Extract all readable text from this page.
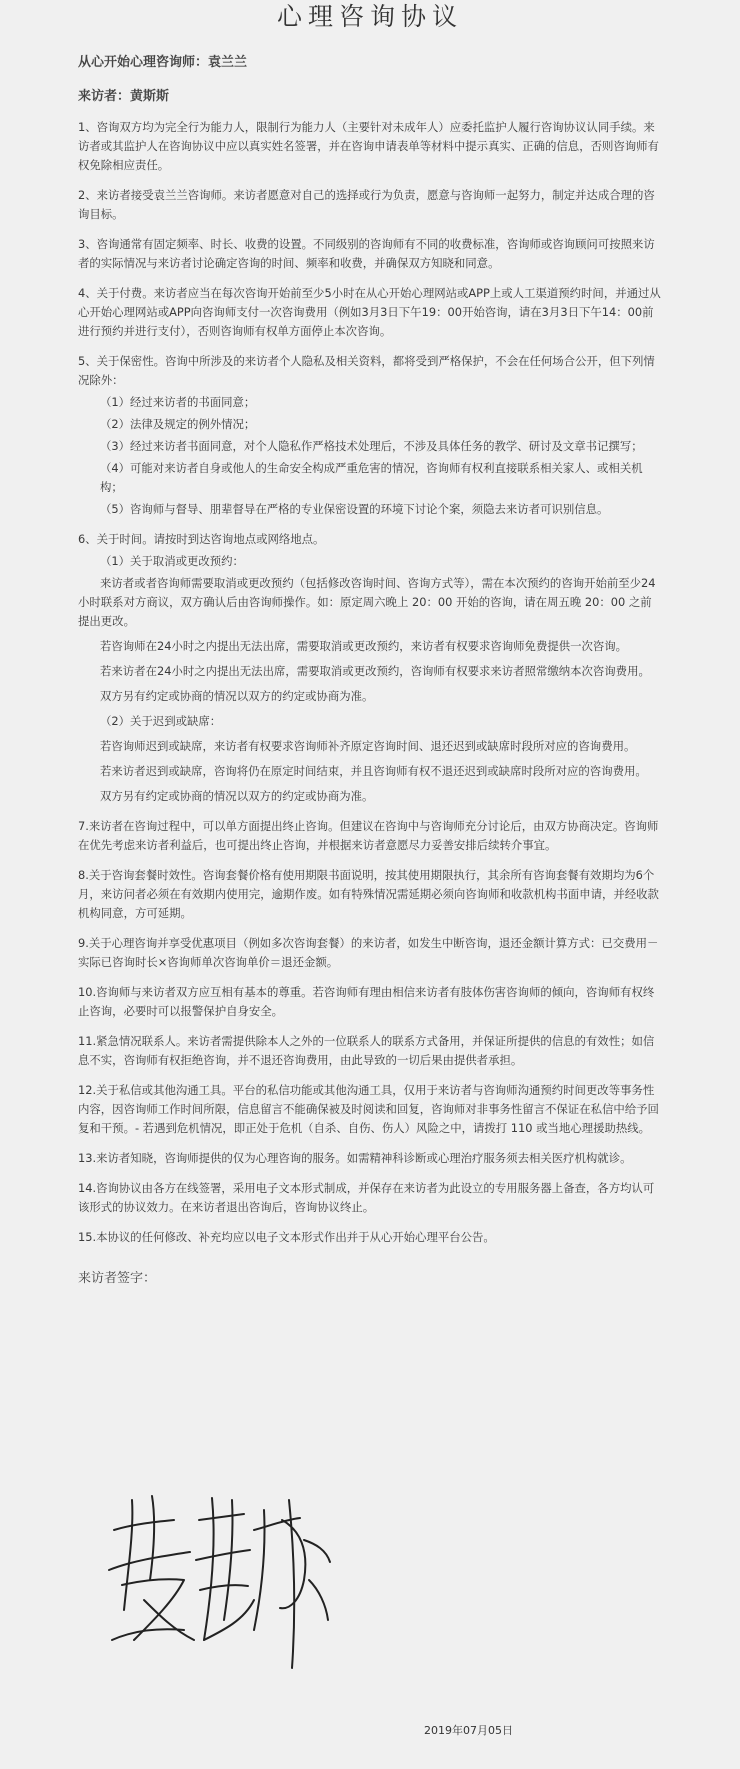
心理咨询协议

从心开始心理咨询师：袁兰兰

来访者：黄斯斯

1、咨询双方均为完全行为能力人，限制行为能力人（主要针对未成年人）应委托监护人履行咨询协议认同手续。来访者或其监护人在咨询协议中应以真实姓名签署，并在咨询申请表单等材料中提示真实、正确的信息，否则咨询师有权免除相应责任。

2、来访者接受袁兰兰咨询师。来访者愿意对自己的选择或行为负责，愿意与咨询师一起努力，制定并达成合理的咨询目标。

3、咨询通常有固定频率、时长、收费的设置。不同级别的咨询师有不同的收费标准，咨询师或咨询顾问可按照来访者的实际情况与来访者讨论确定咨询的时间、频率和收费，并确保双方知晓和同意。

4、关于付费。来访者应当在每次咨询开始前至少5小时在从心开始心理网站或APP上或人工渠道预约时间，并通过从心开始心理网站或APP向咨询师支付一次咨询费用（例如3月3日下午19：00开始咨询，请在3月3日下午14：00前进行预约并进行支付），否则咨询师有权单方面停止本次咨询。

5、关于保密性。咨询中所涉及的来访者个人隐私及相关资料，都将受到严格保护，不会在任何场合公开，但下列情况除外：

（1）经过来访者的书面同意；

（2）法律及规定的例外情况；

（3）经过来访者书面同意，对个人隐私作严格技术处理后，不涉及具体任务的教学、研讨及文章书记撰写；

（4）可能对来访者自身或他人的生命安全构成严重危害的情况，咨询师有权利直接联系相关家人、或相关机构；

（5）咨询师与督导、朋辈督导在严格的专业保密设置的环境下讨论个案，须隐去来访者可识别信息。

6、关于时间。请按时到达咨询地点或网络地点。

（1）关于取消或更改预约：

来访者或者咨询师需要取消或更改预约（包括修改咨询时间、咨询方式等），需在本次预约的咨询开始前至少24小时联系对方商议，双方确认后由咨询师操作。如：原定周六晚上 20：00 开始的咨询，请在周五晚 20：00 之前提出更改。

若咨询师在24小时之内提出无法出席，需要取消或更改预约，来访者有权要求咨询师免费提供一次咨询。

若来访者在24小时之内提出无法出席，需要取消或更改预约，咨询师有权要求来访者照常缴纳本次咨询费用。

双方另有约定或协商的情况以双方的约定或协商为准。

（2）关于迟到或缺席：

若咨询师迟到或缺席，来访者有权要求咨询师补齐原定咨询时间、退还迟到或缺席时段所对应的咨询费用。

若来访者迟到或缺席，咨询将仍在原定时间结束，并且咨询师有权不退还迟到或缺席时段所对应的咨询费用。

双方另有约定或协商的情况以双方的约定或协商为准。

7.来访者在咨询过程中，可以单方面提出终止咨询。但建议在咨询中与咨询师充分讨论后，由双方协商决定。咨询师在优先考虑来访者利益后，也可提出终止咨询，并根据来访者意愿尽力妥善安排后续转介事宜。

8.关于咨询套餐时效性。咨询套餐价格有使用期限书面说明，按其使用期限执行，其余所有咨询套餐有效期均为6个月，来访问者必须在有效期内使用完，逾期作废。如有特殊情况需延期必须向咨询师和收款机构书面申请，并经收款机构同意，方可延期。

9.关于心理咨询并享受优惠项目（例如多次咨询套餐）的来访者，如发生中断咨询，退还金额计算方式：已交费用－实际已咨询时长×咨询师单次咨询单价＝退还金额。

10.咨询师与来访者双方应互相有基本的尊重。若咨询师有理由相信来访者有肢体伤害咨询师的倾向，咨询师有权终止咨询，必要时可以报警保护自身安全。

11.紧急情况联系人。来访者需提供除本人之外的一位联系人的联系方式备用，并保证所提供的信息的有效性；如信息不实，咨询师有权拒绝咨询，并不退还咨询费用，由此导致的一切后果由提供者承担。

12.关于私信或其他沟通工具。平台的私信功能或其他沟通工具，仅用于来访者与咨询师沟通预约时间更改等事务性内容，因咨询师工作时间所限，信息留言不能确保被及时阅读和回复，咨询师对非事务性留言不保证在私信中给予回复和干预。- 若遇到危机情况，即正处于危机（自杀、自伤、伤人）风险之中，请拨打 110 或当地心理援助热线。

13.来访者知晓，咨询师提供的仅为心理咨询的服务。如需精神科诊断或心理治疗服务须去相关医疗机构就诊。

14.咨询协议由各方在线签署，采用电子文本形式制成，并保存在来访者为此设立的专用服务器上备查，各方均认可该形式的协议效力。在来访者退出咨询后，咨询协议终止。

15.本协议的任何修改、补充均应以电子文本形式作出并于从心开始心理平台公告。

来访者签字：

2019年07月05日
